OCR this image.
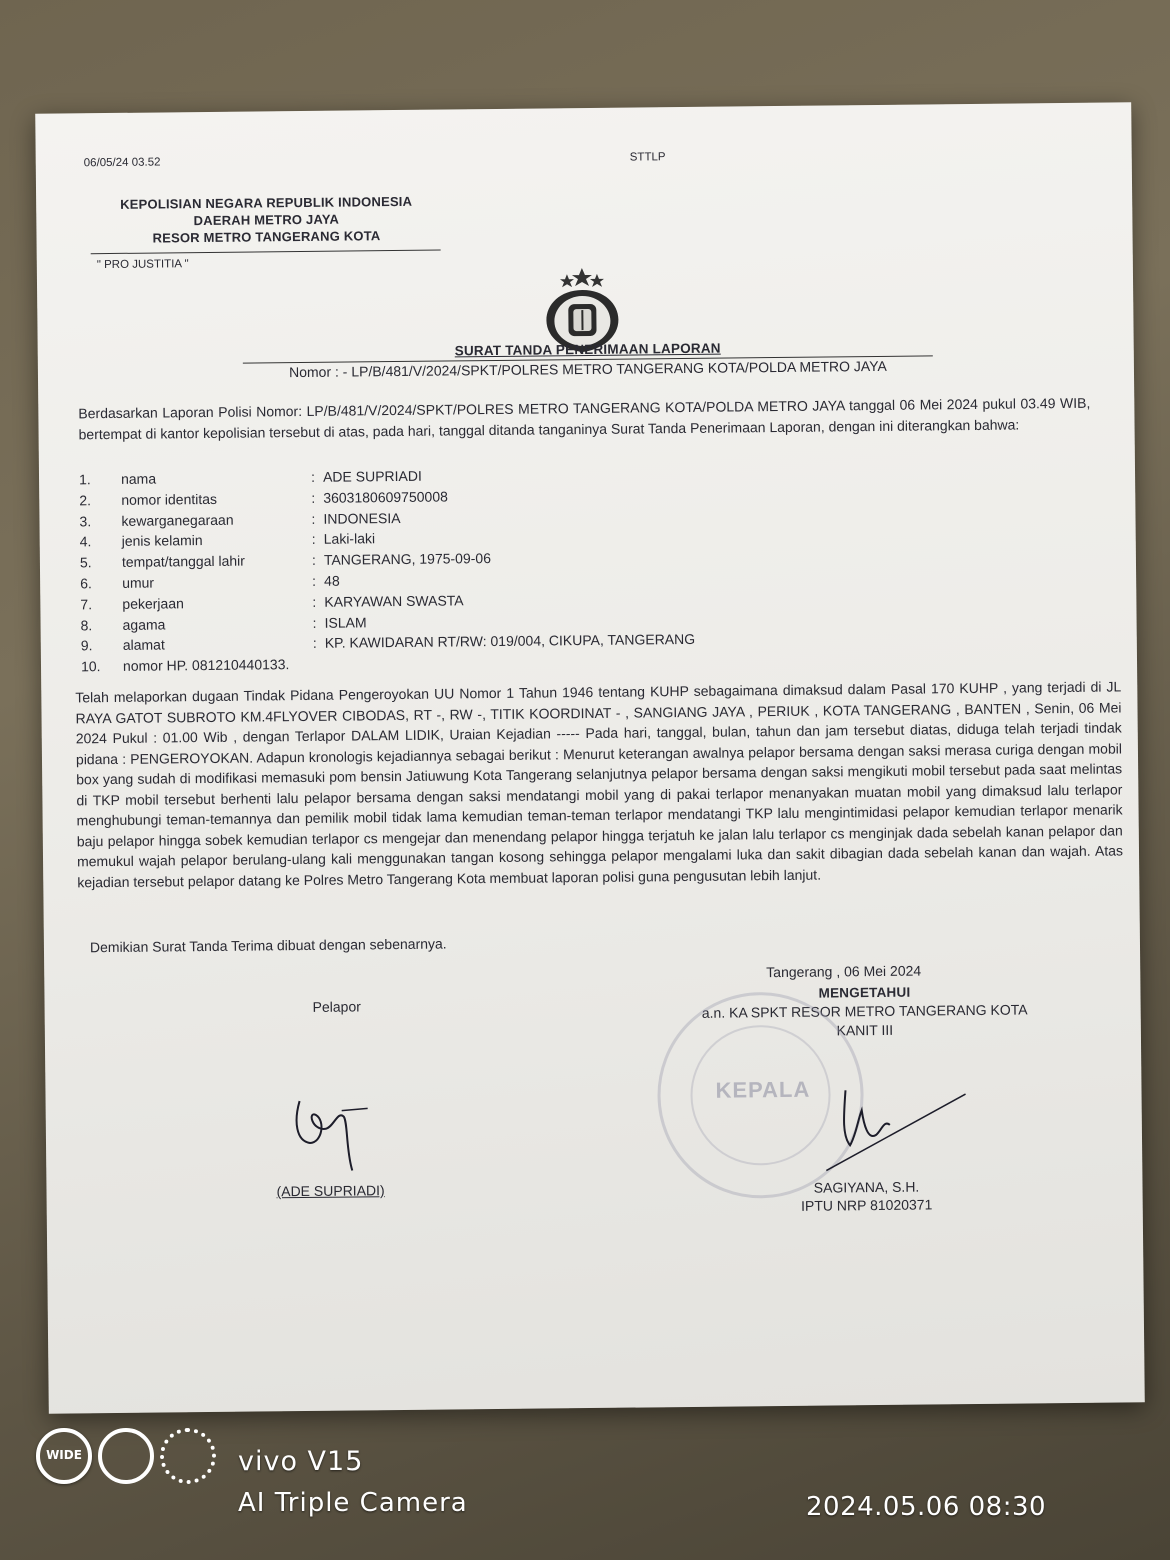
06/05/24 03.52	STTLP
KEPOLISIAN NEGARA REPUBLIK INDONESIA
DAERAH METRO JAYA
RESOR METRO TANGERANG KOTA
" PRO JUSTITIA "
SURAT TANDA PENERIMAAN LAPORAN
Nomor : - LP/B/481/V/2024/SPKT/POLRES METRO TANGERANG KOTA/POLDA METRO JAYA
Berdasarkan Laporan Polisi Nomor: LP/B/481/V/2024/SPKT/POLRES METRO TANGERANG KOTA/POLDA METRO JAYA tanggal 06 Mei 2024 pukul 03.49 WIB, bertempat di kantor kepolisian tersebut di atas, pada hari, tanggal ditanda tanganinya Surat Tanda Penerimaan Laporan, dengan ini diterangkan bahwa:
1.	nama	: ADE SUPRIADI
2.	nomor identitas	: 3603180609750008
3.	kewarganegaraan	: INDONESIA
4.	jenis kelamin	: Laki-laki
5.	tempat/tanggal lahir	: TANGERANG, 1975-09-06
6.	umur	: 48
7.	pekerjaan	: KARYAWAN SWASTA
8.	agama	: ISLAM
9.	alamat	: KP. KAWIDARAN RT/RW: 019/004, CIKUPA, TANGERANG
10.	nomor HP. 081210440133.
Telah melaporkan dugaan Tindak Pidana Pengeroyokan UU Nomor 1 Tahun 1946 tentang KUHP sebagaimana dimaksud dalam Pasal 170 KUHP , yang terjadi di JL RAYA GATOT SUBROTO KM.4FLYOVER CIBODAS, RT -, RW -, TITIK KOORDINAT - , SANGIANG JAYA , PERIUK , KOTA TANGERANG , BANTEN , Senin, 06 Mei 2024 Pukul : 01.00 Wib , dengan Terlapor DALAM LIDIK, Uraian Kejadian ----- Pada hari, tanggal, bulan, tahun dan jam tersebut diatas, diduga telah terjadi tindak pidana : PENGEROYOKAN. Adapun kronologis kejadiannya sebagai berikut : Menurut keterangan awalnya pelapor bersama dengan saksi merasa curiga dengan mobil box yang sudah di modifikasi memasuki pom bensin Jatiuwung Kota Tangerang selanjutnya pelapor bersama dengan saksi mengikuti mobil tersebut pada saat melintas di TKP mobil tersebut berhenti lalu pelapor bersama dengan saksi mendatangi mobil yang di pakai terlapor menanyakan muatan mobil yang dimaksud lalu terlapor menghubungi teman-temannya dan pemilik mobil tidak lama kemudian teman-teman terlapor mendatangi TKP lalu mengintimidasi pelapor kemudian terlapor menarik baju pelapor hingga sobek kemudian terlapor cs mengejar dan menendang pelapor hingga terjatuh ke jalan lalu terlapor cs menginjak dada sebelah kanan pelapor dan memukul wajah pelapor berulang-ulang kali menggunakan tangan kosong sehingga pelapor mengalami luka dan sakit dibagian dada sebelah kanan dan wajah. Atas kejadian tersebut pelapor datang ke Polres Metro Tangerang Kota membuat laporan polisi guna pengusutan lebih lanjut.
Demikian Surat Tanda Terima dibuat dengan sebenarnya.
Tangerang , 06 Mei 2024
MENGETAHUI
a.n. KA SPKT RESOR METRO TANGERANG KOTA
KANIT III
KEPALA
SAGIYANA, S.H.
IPTU NRP 81020371
Pelapor
(ADE SUPRIADI)
WIDE	vivo V15
AI Triple Camera	2024.05.06 08:30
